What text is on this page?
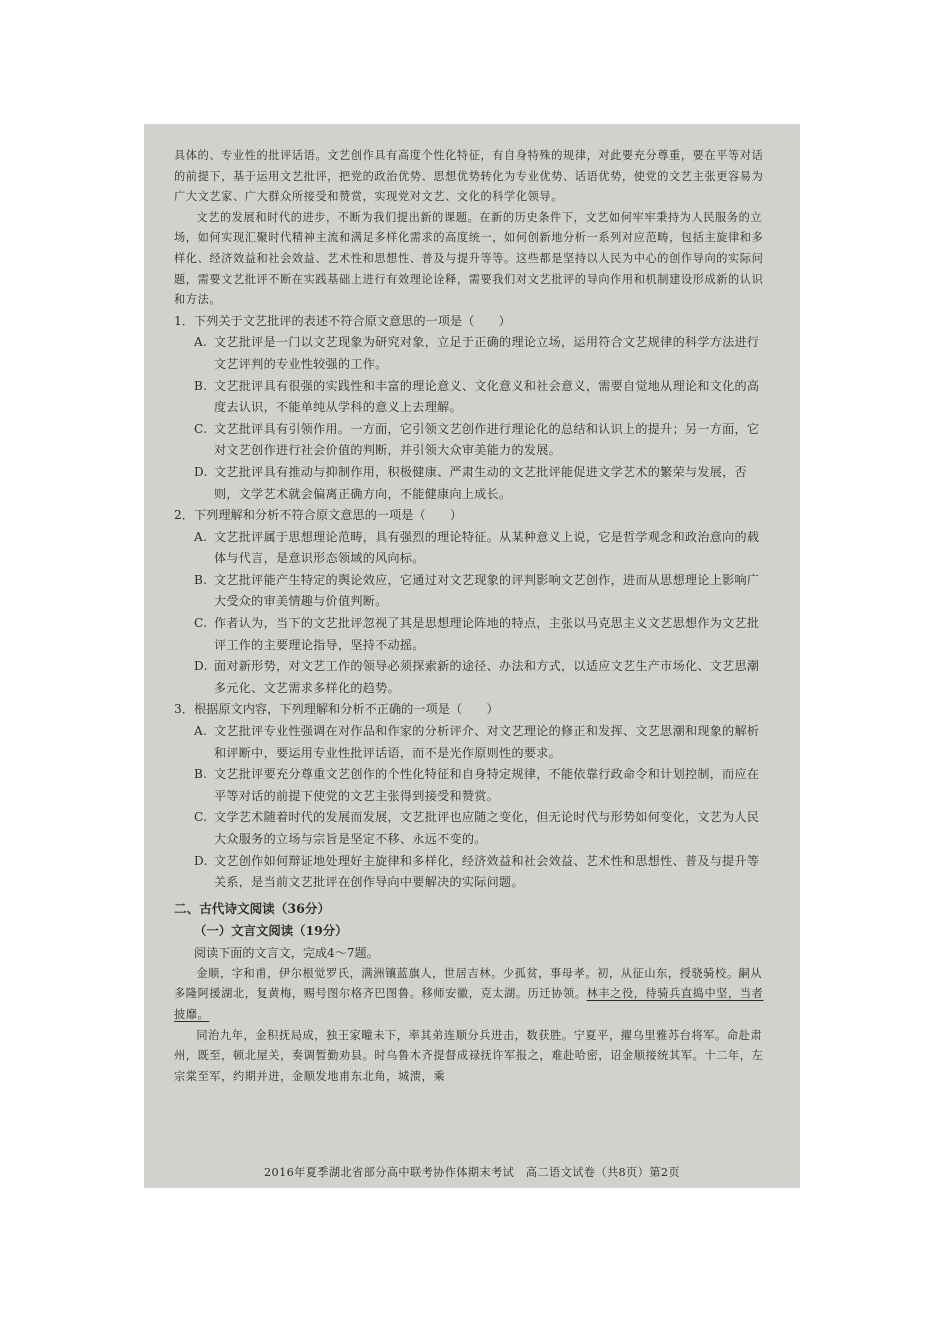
具体的、专业性的批评话语。文艺创作具有高度个性化特征，有自身特殊的规律，对此要充分尊重，要在平等对话的前提下，基于运用文艺批评，把党的政治优势、思想优势转化为专业优势、话语优势，使党的文艺主张更容易为广大文艺家、广大群众所接受和赞赏，实现党对文艺、文化的科学化领导。

文艺的发展和时代的进步，不断为我们提出新的课题。在新的历史条件下，文艺如何牢牢秉持为人民服务的立场，如何实现汇聚时代精神主流和满足多样化需求的高度统一，如何创新地分析一系列对应范畴，包括主旋律和多样化、经济效益和社会效益、艺术性和思想性、普及与提升等等。这些都是坚持以人民为中心的创作导向的实际问题，需要文艺批评不断在实践基础上进行有效理论诠释，需要我们对文艺批评的导向作用和机制建设形成新的认识和方法。

1．下列关于文艺批评的表述不符合原文意思的一项是（　　）

A. 文艺批评是一门以文艺现象为研究对象，立足于正确的理论立场，运用符合文艺规律的科学方法进行文艺评判的专业性较强的工作。

B. 文艺批评具有很强的实践性和丰富的理论意义、文化意义和社会意义，需要自觉地从理论和文化的高度去认识，不能单纯从学科的意义上去理解。

C. 文艺批评具有引领作用。一方面，它引领文艺创作进行理论化的总结和认识上的提升；另一方面，它对文艺创作进行社会价值的判断，并引领大众审美能力的发展。

D. 文艺批评具有推动与抑制作用，积极健康、严肃生动的文艺批评能促进文学艺术的繁荣与发展，否则，文学艺术就会偏离正确方向，不能健康向上成长。

2．下列理解和分析不符合原文意思的一项是（　　）

A. 文艺批评属于思想理论范畴，具有强烈的理论特征。从某种意义上说，它是哲学观念和政治意向的载体与代言，是意识形态领域的风向标。

B. 文艺批评能产生特定的舆论效应，它通过对文艺现象的评判影响文艺创作，进而从思想理论上影响广大受众的审美情趣与价值判断。

C. 作者认为，当下的文艺批评忽视了其是思想理论阵地的特点，主张以马克思主义文艺思想作为文艺批评工作的主要理论指导，坚持不动摇。

D. 面对新形势，对文艺工作的领导必须探索新的途径、办法和方式，以适应文艺生产市场化、文艺思潮多元化、文艺需求多样化的趋势。

3．根据原文内容，下列理解和分析不正确的一项是（　　）

A. 文艺批评专业性强调在对作品和作家的分析评介、对文艺理论的修正和发挥、文艺思潮和现象的解析和评断中，要运用专业性批评话语，而不是光作原则性的要求。

B. 文艺批评要充分尊重文艺创作的个性化特征和自身特定规律，不能依靠行政命令和计划控制，而应在平等对话的前提下使党的文艺主张得到接受和赞赏。

C. 文学艺术随着时代的发展而发展，文艺批评也应随之变化，但无论时代与形势如何变化，文艺为人民大众服务的立场与宗旨是坚定不移、永远不变的。

D. 文艺创作如何辩证地处理好主旋律和多样化，经济效益和社会效益、艺术性和思想性、普及与提升等关系，是当前文艺批评在创作导向中要解决的实际问题。

二、古代诗文阅读（36分）

（一）文言文阅读（19分）

阅读下面的文言文，完成4～7题。

金顺，字和甫，伊尔根觉罗氏，满洲镶蓝旗人，世居吉林。少孤贫，事母孝。初，从征山东，授骁骑校。嗣从多隆阿援湖北，复黄梅，赐号图尔格齐巴图鲁。移师安徽，克太湖。历迁协领。林丰之役，待骑兵直捣中坚，当者披靡。

同治九年，金积抚局成，独王家疃未下，率其弟连顺分兵进击，数获胜。宁夏平，擢乌里雅苏台将军。命赴肃州，既至，顿北屋关，奏调暂勤劝县。时乌鲁木齐提督成禄抚许军报之，难赴哈密，诏金顺接统其军。十二年，左宗棠至军，约期并进，金顺发地甫东北角，城溃，乘

2016年夏季湖北省部分高中联考协作体期末考试　高二语文试卷（共8页）第2页
